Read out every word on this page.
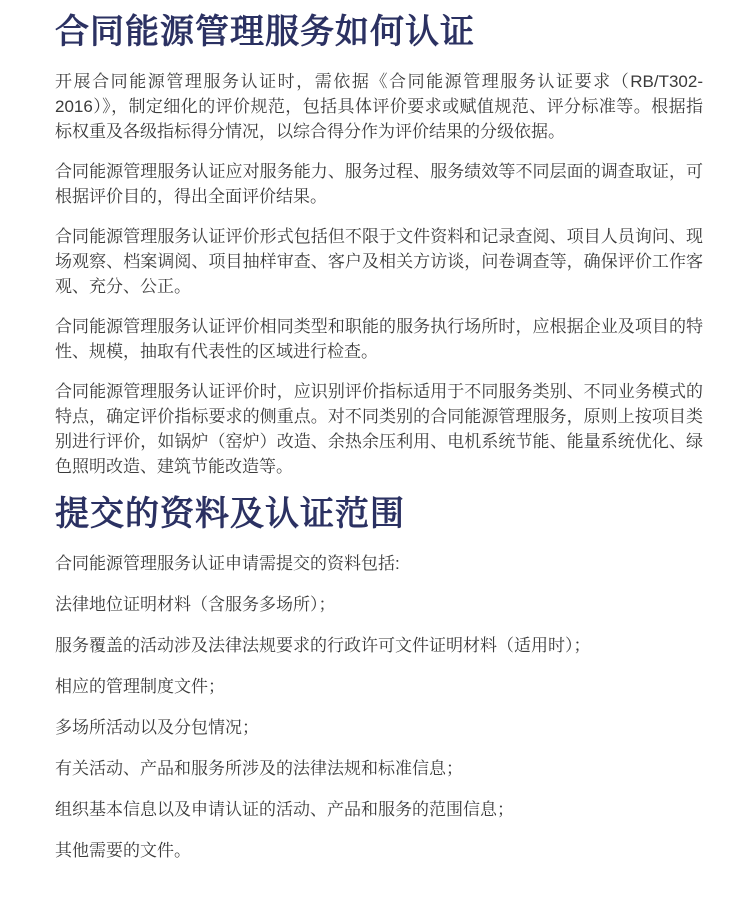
合同能源管理服务如何认证

开展合同能源管理服务认证时，需依据《合同能源管理服务认证要求（RB/T302-2016）》，制定细化的评价规范，包括具体评价要求或赋值规范、评分标准等。根据指标权重及各级指标得分情况，以综合得分作为评价结果的分级依据。

合同能源管理服务认证应对服务能力、服务过程、服务绩效等不同层面的调查取证，可根据评价目的，得出全面评价结果。

合同能源管理服务认证评价形式包括但不限于文件资料和记录查阅、项目人员询问、现场观察、档案调阅、项目抽样审查、客户及相关方访谈，问卷调查等，确保评价工作客观、充分、公正。

合同能源管理服务认证评价相同类型和职能的服务执行场所时，应根据企业及项目的特性、规模，抽取有代表性的区域进行检查。

合同能源管理服务认证评价时，应识别评价指标适用于不同服务类别、不同业务模式的特点，确定评价指标要求的侧重点。对不同类别的合同能源管理服务，原则上按项目类别进行评价，如锅炉（窑炉）改造、余热余压利用、电机系统节能、能量系统优化、绿色照明改造、建筑节能改造等。

提交的资料及认证范围

合同能源管理服务认证申请需提交的资料包括:

法律地位证明材料（含服务多场所）；

服务覆盖的活动涉及法律法规要求的行政许可文件证明材料（适用时）；

相应的管理制度文件；

多场所活动以及分包情况；

有关活动、产品和服务所涉及的法律法规和标准信息；

组织基本信息以及申请认证的活动、产品和服务的范围信息；

其他需要的文件。
